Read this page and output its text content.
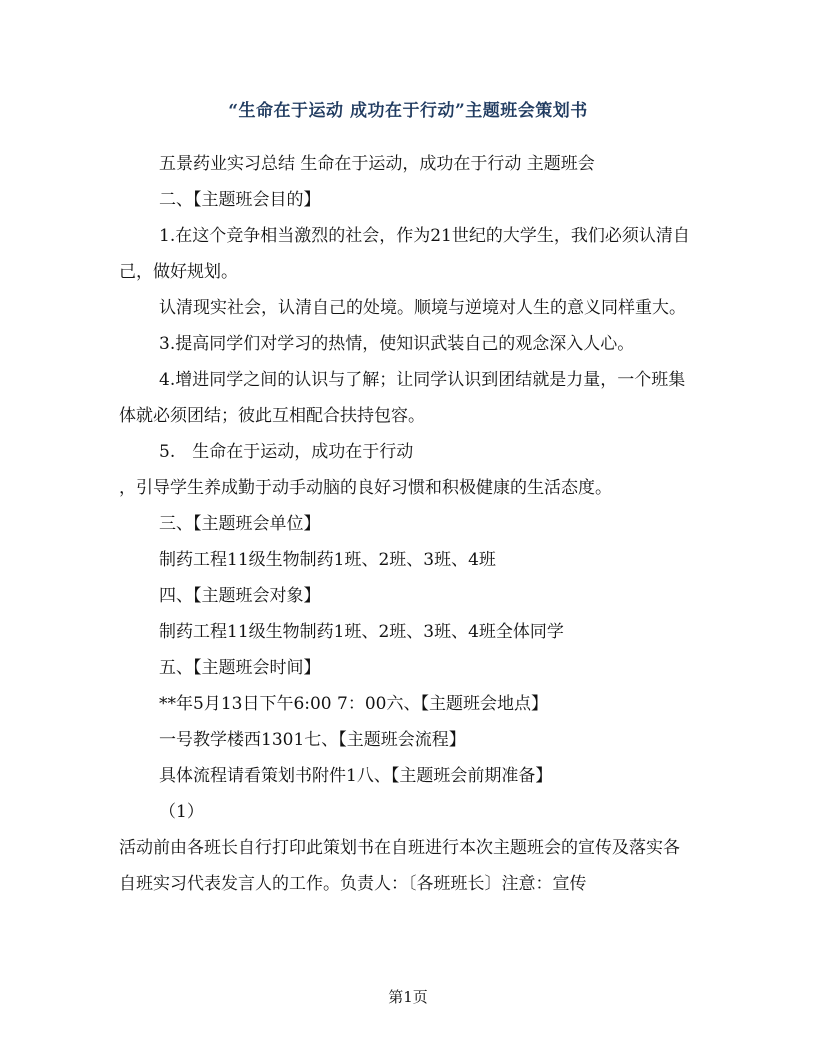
“生命在于运动 成功在于行动”主题班会策划书

五景药业实习总结 生命在于运动，成功在于行动 主题班会

二、【主题班会目的】

1.在这个竞争相当激烈的社会，作为21世纪的大学生，我们必须认清自己，做好规划。

认清现实社会，认清自己的处境。顺境与逆境对人生的意义同样重大。

3.提高同学们对学习的热情，使知识武装自己的观念深入人心。

4.增进同学之间的认识与了解；让同学认识到团结就是力量，一个班集体就必须团结；彼此互相配合扶持包容。

5.　生命在于运动，成功在于行动

，引导学生养成勤于动手动脑的良好习惯和积极健康的生活态度。

三、【主题班会单位】

制药工程11级生物制药1班、2班、3班、4班

四、【主题班会对象】

制药工程11级生物制药1班、2班、3班、4班全体同学

五、【主题班会时间】

**年5月13日下午6:00 7：00六、【主题班会地点】

一号教学楼西1301七、【主题班会流程】

具体流程请看策划书附件1八、【主题班会前期准备】

（1）

活动前由各班长自行打印此策划书在自班进行本次主题班会的宣传及落实各自班实习代表发言人的工作。负责人：〔各班班长〕注意：宣传

第1页
